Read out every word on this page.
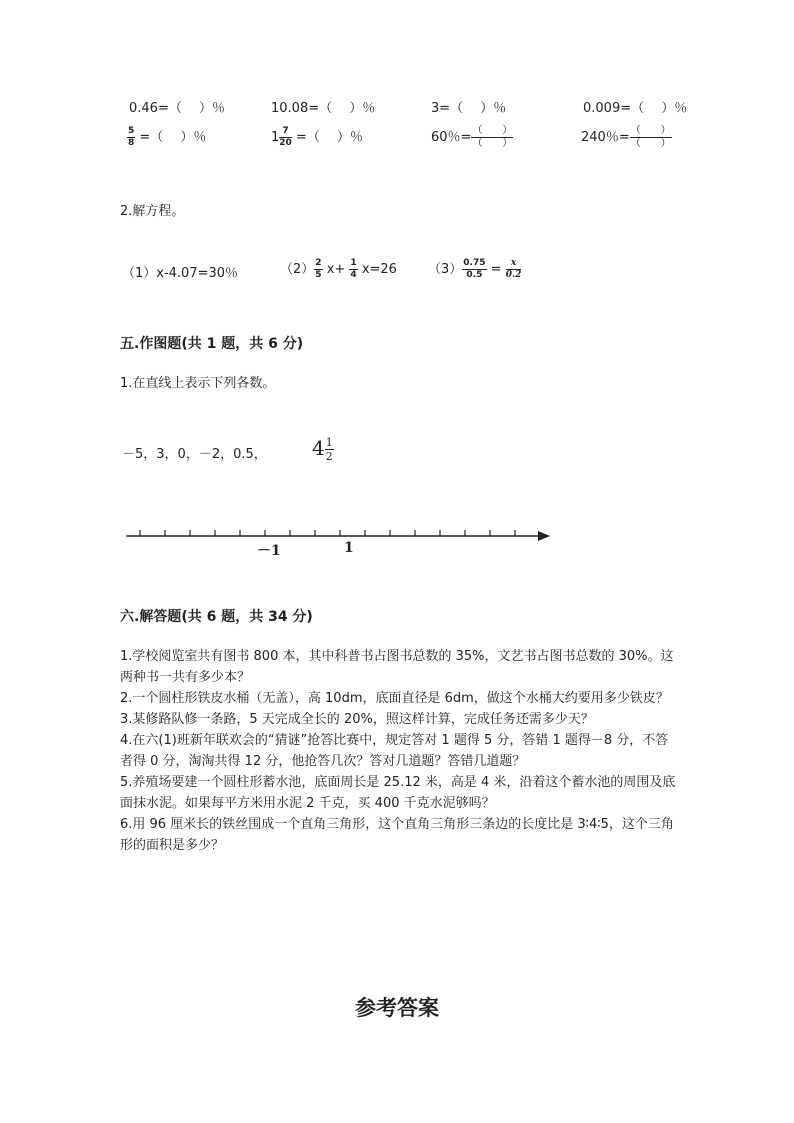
0.46=（　 ）％	10.08=（　 ）％	3=（　 ）％	0.009=（　 ）％
$\frac{5}{8}$ =（　 ）％	$1 \frac{7}{20}$ =（　 ）％	60％= $\frac{( )}{( )}$	240％= $\frac{( )}{( )}$
2.解方程。
（1）x-4.07=30％	$(2) \frac{2}{5} x+ \frac{1}{4} x=26$ $(3) \frac{0.75}{0.5} = \frac{x}{0.2}$
五.作图题(共 1 题，共 6 分)
1.在直线上表示下列各数。
－5，3，0，－2，0.5， $4 \frac{1}{2}$
－1	1
六.解答题(共 6 题，共 34 分)

1.学校阅览室共有图书 800 本，其中科普书占图书总数的 35%，文艺书占图书总数的 30%。这两种书一共有多少本？

2.一个圆柱形铁皮水桶（无盖），高 10dm，底面直径是 6dm，做这个水桶大约要用多少铁皮？

3.某修路队修一条路，5 天完成全长的 20%，照这样计算，完成任务还需多少天？

4.在六(1)班新年联欢会的“猜谜”抢答比赛中，规定答对 1 题得 5 分，答错 1 题得－8 分，不答者得 0 分，淘淘共得 12 分，他抢答几次？答对几道题？答错几道题？

5.养殖场要建一个圆柱形蓄水池，底面周长是 25.12 米，高是 4 米，沿着这个蓄水池的周围及底面抹水泥。如果每平方米用水泥 2 千克，买 400 千克水泥够吗？

6.用 96 厘米长的铁丝围成一个直角三角形，这个直角三角形三条边的长度比是 3∶4∶5，这个三角形的面积是多少？

参考答案
